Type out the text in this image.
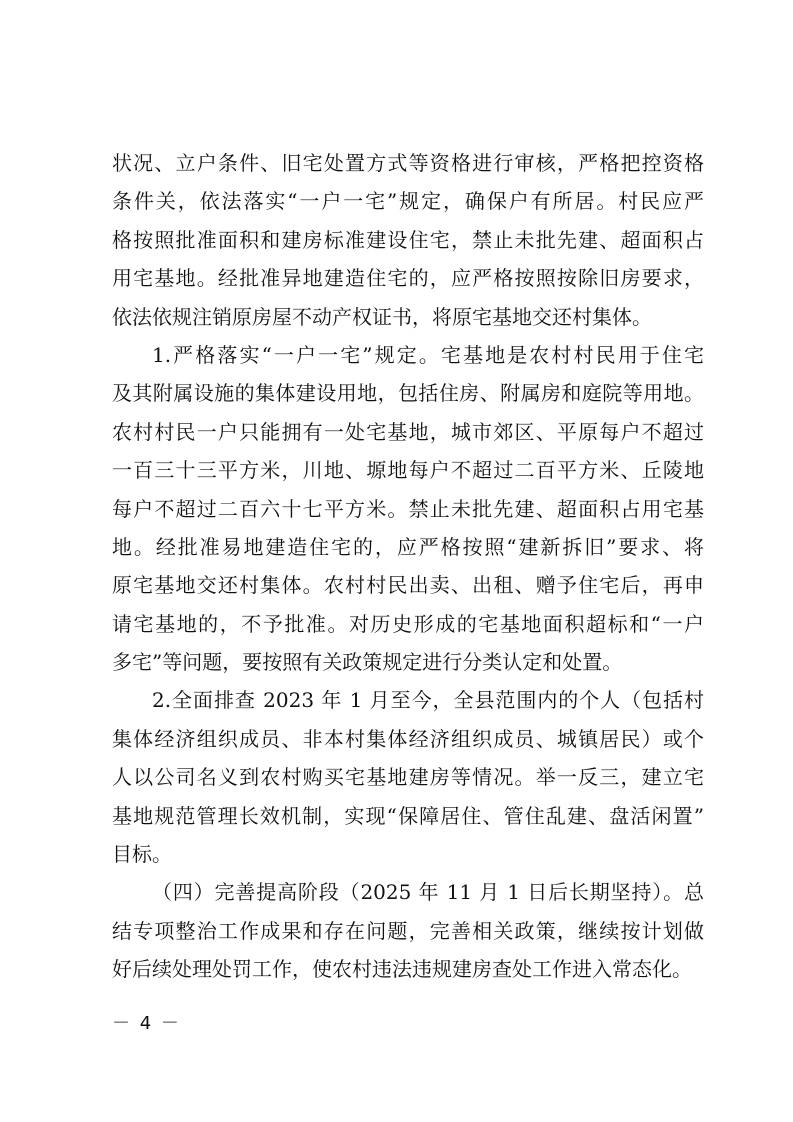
状况、立户条件、旧宅处置方式等资格进行审核，严格把控资格
条件关，依法落实“一户一宅”规定，确保户有所居。村民应严
格按照批准面积和建房标准建设住宅，禁止未批先建、超面积占
用宅基地。经批准异地建造住宅的，应严格按照按除旧房要求，
依法依规注销原房屋不动产权证书，将原宅基地交还村集体。
1.严格落实“一户一宅”规定。宅基地是农村村民用于住宅
及其附属设施的集体建设用地，包括住房、附属房和庭院等用地。
农村村民一户只能拥有一处宅基地，城市郊区、平原每户不超过
一百三十三平方米，川地、塬地每户不超过二百平方米、丘陵地
每户不超过二百六十七平方米。禁止未批先建、超面积占用宅基
地。经批准易地建造住宅的，应严格按照“建新拆旧”要求、将
原宅基地交还村集体。农村村民出卖、出租、赠予住宅后，再申
请宅基地的，不予批准。对历史形成的宅基地面积超标和“一户
多宅”等问题，要按照有关政策规定进行分类认定和处置。
2.全面排查 2023 年 1 月至今，全县范围内的个人（包括村
集体经济组织成员、非本村集体经济组织成员、城镇居民）或个
人以公司名义到农村购买宅基地建房等情况。举一反三，建立宅
基地规范管理长效机制，实现“保障居住、管住乱建、盘活闲置”
目标。
（四）完善提高阶段（2025 年 11 月 1 日后长期坚持）。总
结专项整治工作成果和存在问题，完善相关政策，继续按计划做
好后续处理处罚工作，使农村违法违规建房查处工作进入常态化。
－ 4 －
